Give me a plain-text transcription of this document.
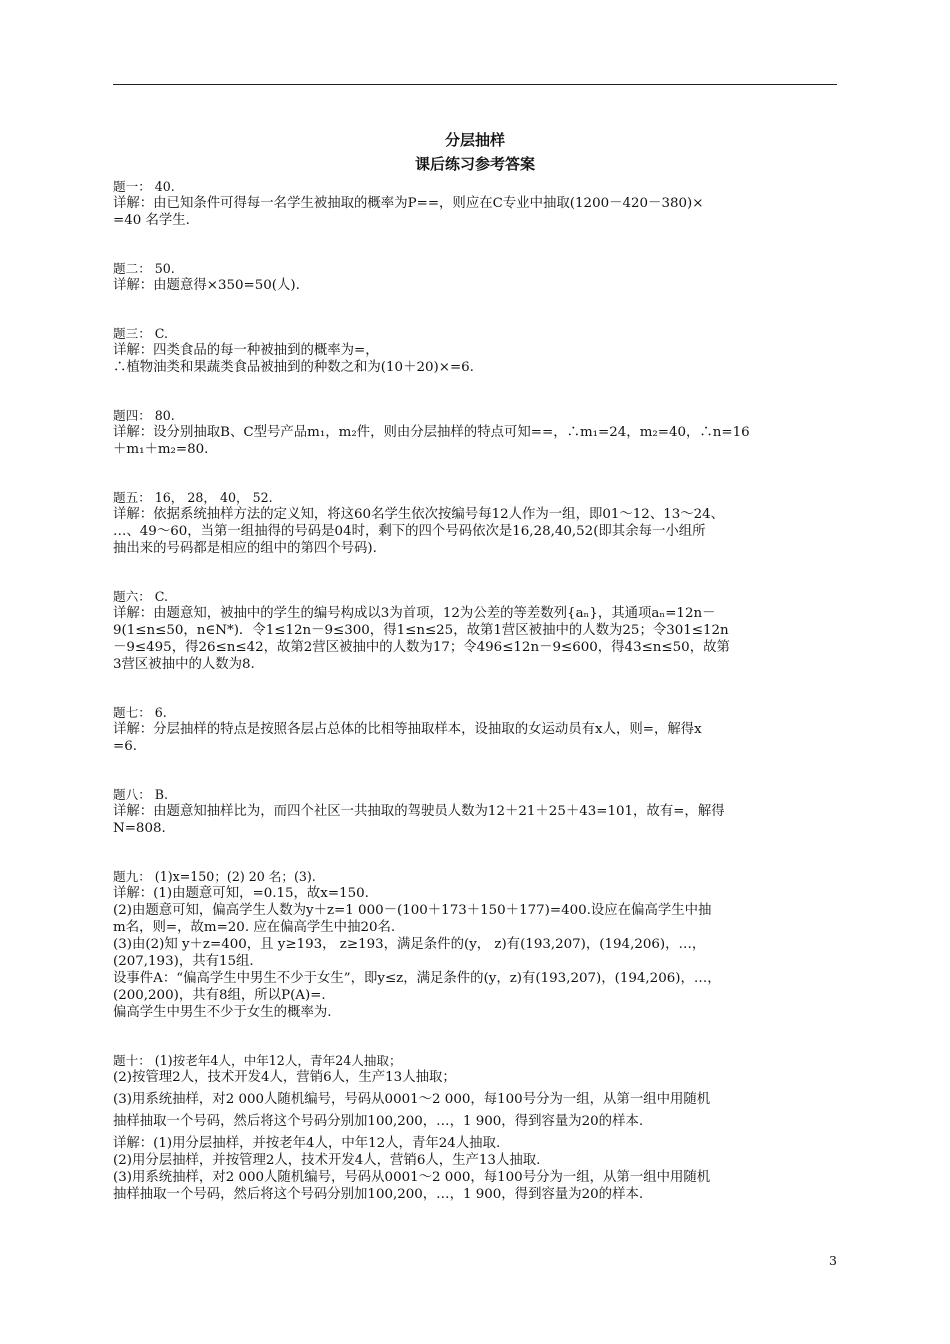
分层抽样
课后练习参考答案
题一： 40.
详解：由已知条件可得每一名学生被抽取的概率为P==，则应在C专业中抽取(1200－420－380)×
=40 名学生.
题二： 50.
详解：由题意得×350=50(人).
题三： C.
详解：四类食品的每一种被抽到的概率为=，
∴植物油类和果蔬类食品被抽到的种数之和为(10＋20)×=6.
题四： 80.
详解：设分别抽取B、C型号产品m₁，m₂件，则由分层抽样的特点可知==，∴m₁=24，m₂=40，∴n=16
＋m₁＋m₂=80.
题五： 16， 28， 40， 52.
详解：依据系统抽样方法的定义知，将这60名学生依次按编号每12人作为一组，即01～12、13～24、
…、49～60，当第一组抽得的号码是04时，剩下的四个号码依次是16,28,40,52(即其余每一小组所
抽出来的号码都是相应的组中的第四个号码).
题六： C.
详解：由题意知，被抽中的学生的编号构成以3为首项，12为公差的等差数列{aₙ}，其通项aₙ=12n－
9(1≤n≤50，n∈N*)．令1≤12n－9≤300，得1≤n≤25，故第1营区被抽中的人数为25；令301≤12n
－9≤495，得26≤n≤42，故第2营区被抽中的人数为17；令496≤12n－9≤600，得43≤n≤50，故第
3营区被抽中的人数为8.
题七： 6.
详解：分层抽样的特点是按照各层占总体的比相等抽取样本，设抽取的女运动员有x人，则=，解得x
=6.
题八： B.
详解：由题意知抽样比为，而四个社区一共抽取的驾驶员人数为12＋21＋25＋43=101，故有=，解得
N=808.
题九： (1)x=150；(2) 20 名；(3).
详解：(1)由题意可知，=0.15，故x=150.
(2)由题意可知，偏高学生人数为y＋z=1 000－(100＋173＋150＋177)=400.设应在偏高学生中抽
m名，则=，故m=20. 应在偏高学生中抽20名.
(3)由(2)知 y＋z=400，且 y≥193， z≥193，满足条件的(y， z)有(193,207)，(194,206)，…，
(207,193)，共有15组.
设事件A：“偏高学生中男生不少于女生”，即y≤z，满足条件的(y，z)有(193,207)，(194,206)，…，
(200,200)，共有8组，所以P(A)=.
偏高学生中男生不少于女生的概率为.
题十： (1)按老年4人，中年12人，青年24人抽取；
(2)按管理2人，技术开发4人，营销6人，生产13人抽取；
(3)用系统抽样，对2 000人随机编号，号码从0001～2 000，每100号分为一组，从第一组中用随机
抽样抽取一个号码，然后将这个号码分别加100,200，…，1 900，得到容量为20的样本.
详解：(1)用分层抽样，并按老年4人，中年12人，青年24人抽取.
(2)用分层抽样，并按管理2人，技术开发4人，营销6人，生产13人抽取.
(3)用系统抽样，对2 000人随机编号，号码从0001～2 000，每100号分为一组，从第一组中用随机
抽样抽取一个号码，然后将这个号码分别加100,200，…，1 900，得到容量为20的样本.
3
